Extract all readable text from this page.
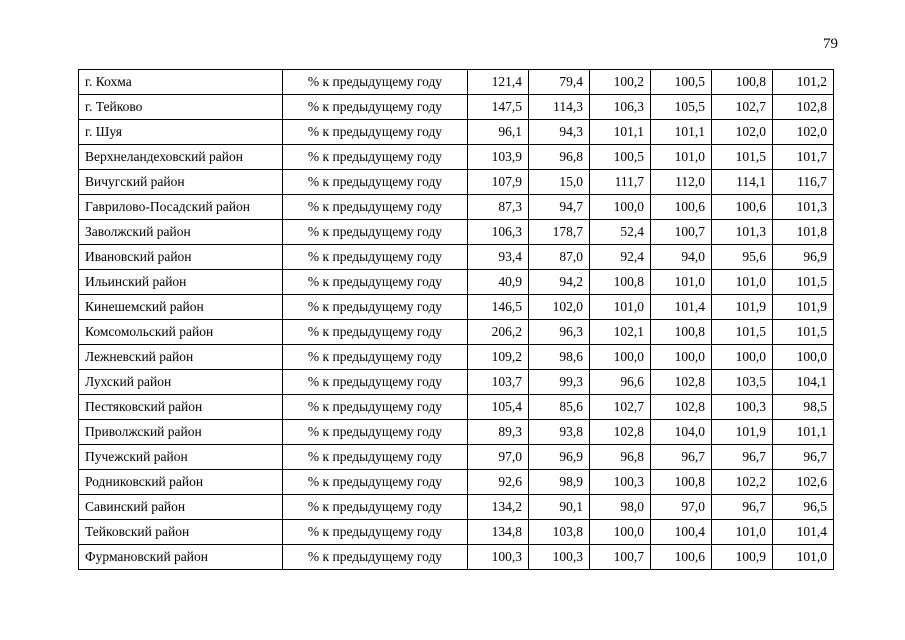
79
г. Кохма	% к предыдущему году	121,4	79,4	100,2	100,5	100,8	101,2
г. Тейково	% к предыдущему году	147,5	114,3	106,3	105,5	102,7	102,8
г. Шуя	% к предыдущему году	96,1	94,3	101,1	101,1	102,0	102,0
Верхнеландеховский район	% к предыдущему году	103,9	96,8	100,5	101,0	101,5	101,7
Вичугский район	% к предыдущему году	107,9	15,0	111,7	112,0	114,1	116,7
Гаврилово-Посадский район	% к предыдущему году	87,3	94,7	100,0	100,6	100,6	101,3
Заволжский район	% к предыдущему году	106,3	178,7	52,4	100,7	101,3	101,8
Ивановский район	% к предыдущему году	93,4	87,0	92,4	94,0	95,6	96,9
Ильинский район	% к предыдущему году	40,9	94,2	100,8	101,0	101,0	101,5
Кинешемский район	% к предыдущему году	146,5	102,0	101,0	101,4	101,9	101,9
Комсомольский район	% к предыдущему году	206,2	96,3	102,1	100,8	101,5	101,5
Лежневский район	% к предыдущему году	109,2	98,6	100,0	100,0	100,0	100,0
Лухский район	% к предыдущему году	103,7	99,3	96,6	102,8	103,5	104,1
Пестяковский район	% к предыдущему году	105,4	85,6	102,7	102,8	100,3	98,5
Приволжский район	% к предыдущему году	89,3	93,8	102,8	104,0	101,9	101,1
Пучежский район	% к предыдущему году	97,0	96,9	96,8	96,7	96,7	96,7
Родниковский район	% к предыдущему году	92,6	98,9	100,3	100,8	102,2	102,6
Савинский район	% к предыдущему году	134,2	90,1	98,0	97,0	96,7	96,5
Тейковский район	% к предыдущему году	134,8	103,8	100,0	100,4	101,0	101,4
Фурмановский район	% к предыдущему году	100,3	100,3	100,7	100,6	100,9	101,0
